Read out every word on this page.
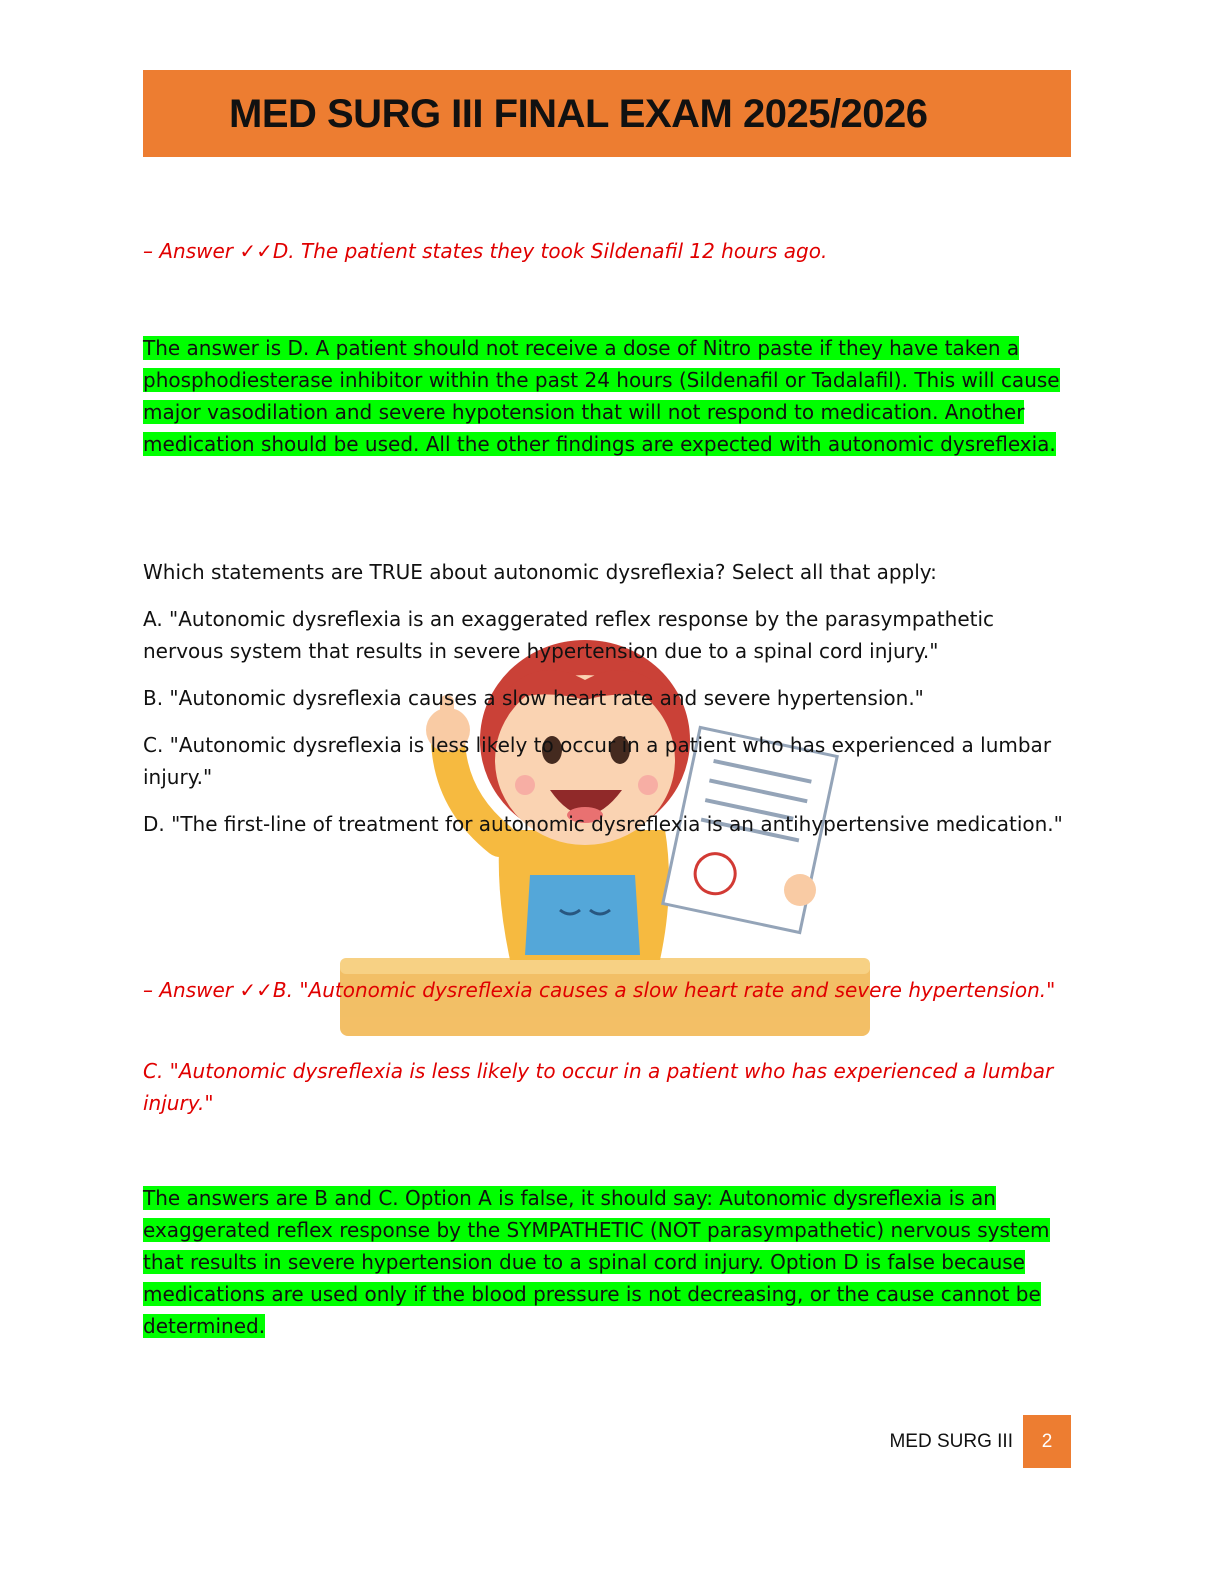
MED SURG III FINAL EXAM 2025/2026

– Answer ✓✓D. The patient states they took Sildenafil 12 hours ago.

The answer is D. A patient should not receive a dose of Nitro paste if they have taken a phosphodiesterase inhibitor within the past 24 hours (Sildenafil or Tadalafil). This will cause major vasodilation and severe hypotension that will not respond to medication. Another medication should be used. All the other findings are expected with autonomic dysreflexia.

Which statements are TRUE about autonomic dysreflexia? Select all that apply:

A. "Autonomic dysreflexia is an exaggerated reflex response by the parasympathetic nervous system that results in severe hypertension due to a spinal cord injury."

B. "Autonomic dysreflexia causes a slow heart rate and severe hypertension."

C. "Autonomic dysreflexia is less likely to occur in a patient who has experienced a lumbar injury."

D. "The first-line of treatment for autonomic dysreflexia is an antihypertensive medication."

– Answer ✓✓B. "Autonomic dysreflexia causes a slow heart rate and severe hypertension."

C. "Autonomic dysreflexia is less likely to occur in a patient who has experienced a lumbar injury."

The answers are B and C. Option A is false, it should say: Autonomic dysreflexia is an exaggerated reflex response by the SYMPATHETIC (NOT parasympathetic) nervous system that results in severe hypertension due to a spinal cord injury. Option D is false because medications are used only if the blood pressure is not decreasing, or the cause cannot be determined.

MED SURG III	2
